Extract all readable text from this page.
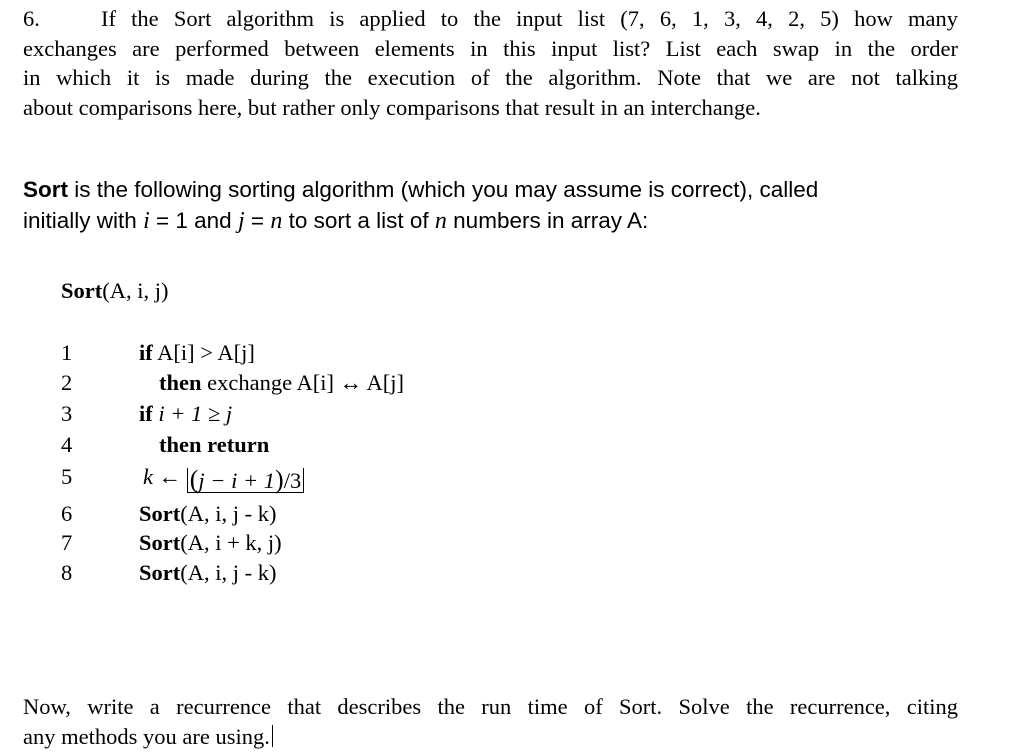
6.	If the Sort algorithm is applied to the input list (7, 6, 1, 3, 4, 2, 5) how many
exchanges are performed between elements in this input list? List each swap in the order
in which it is made during the execution of the algorithm. Note that we are not talking
about comparisons here, but rather only comparisons that result in an interchange.
Sort is the following sorting algorithm (which you may assume is correct), called
initially with i = 1 and j = n to sort a list of n numbers in array A:
Sort(A, i, j)
1	if A[i] > A[j]
2	then exchange A[i] ↔ A[j]
3	if i + 1 ≥ j
4	then return
5	k ← (j − i + 1)/3
6	Sort(A, i, j - k)
7	Sort(A, i + k, j)
8	Sort(A, i, j - k)
Now, write a recurrence that describes the run time of Sort. Solve the recurrence, citing
any methods you are using.
